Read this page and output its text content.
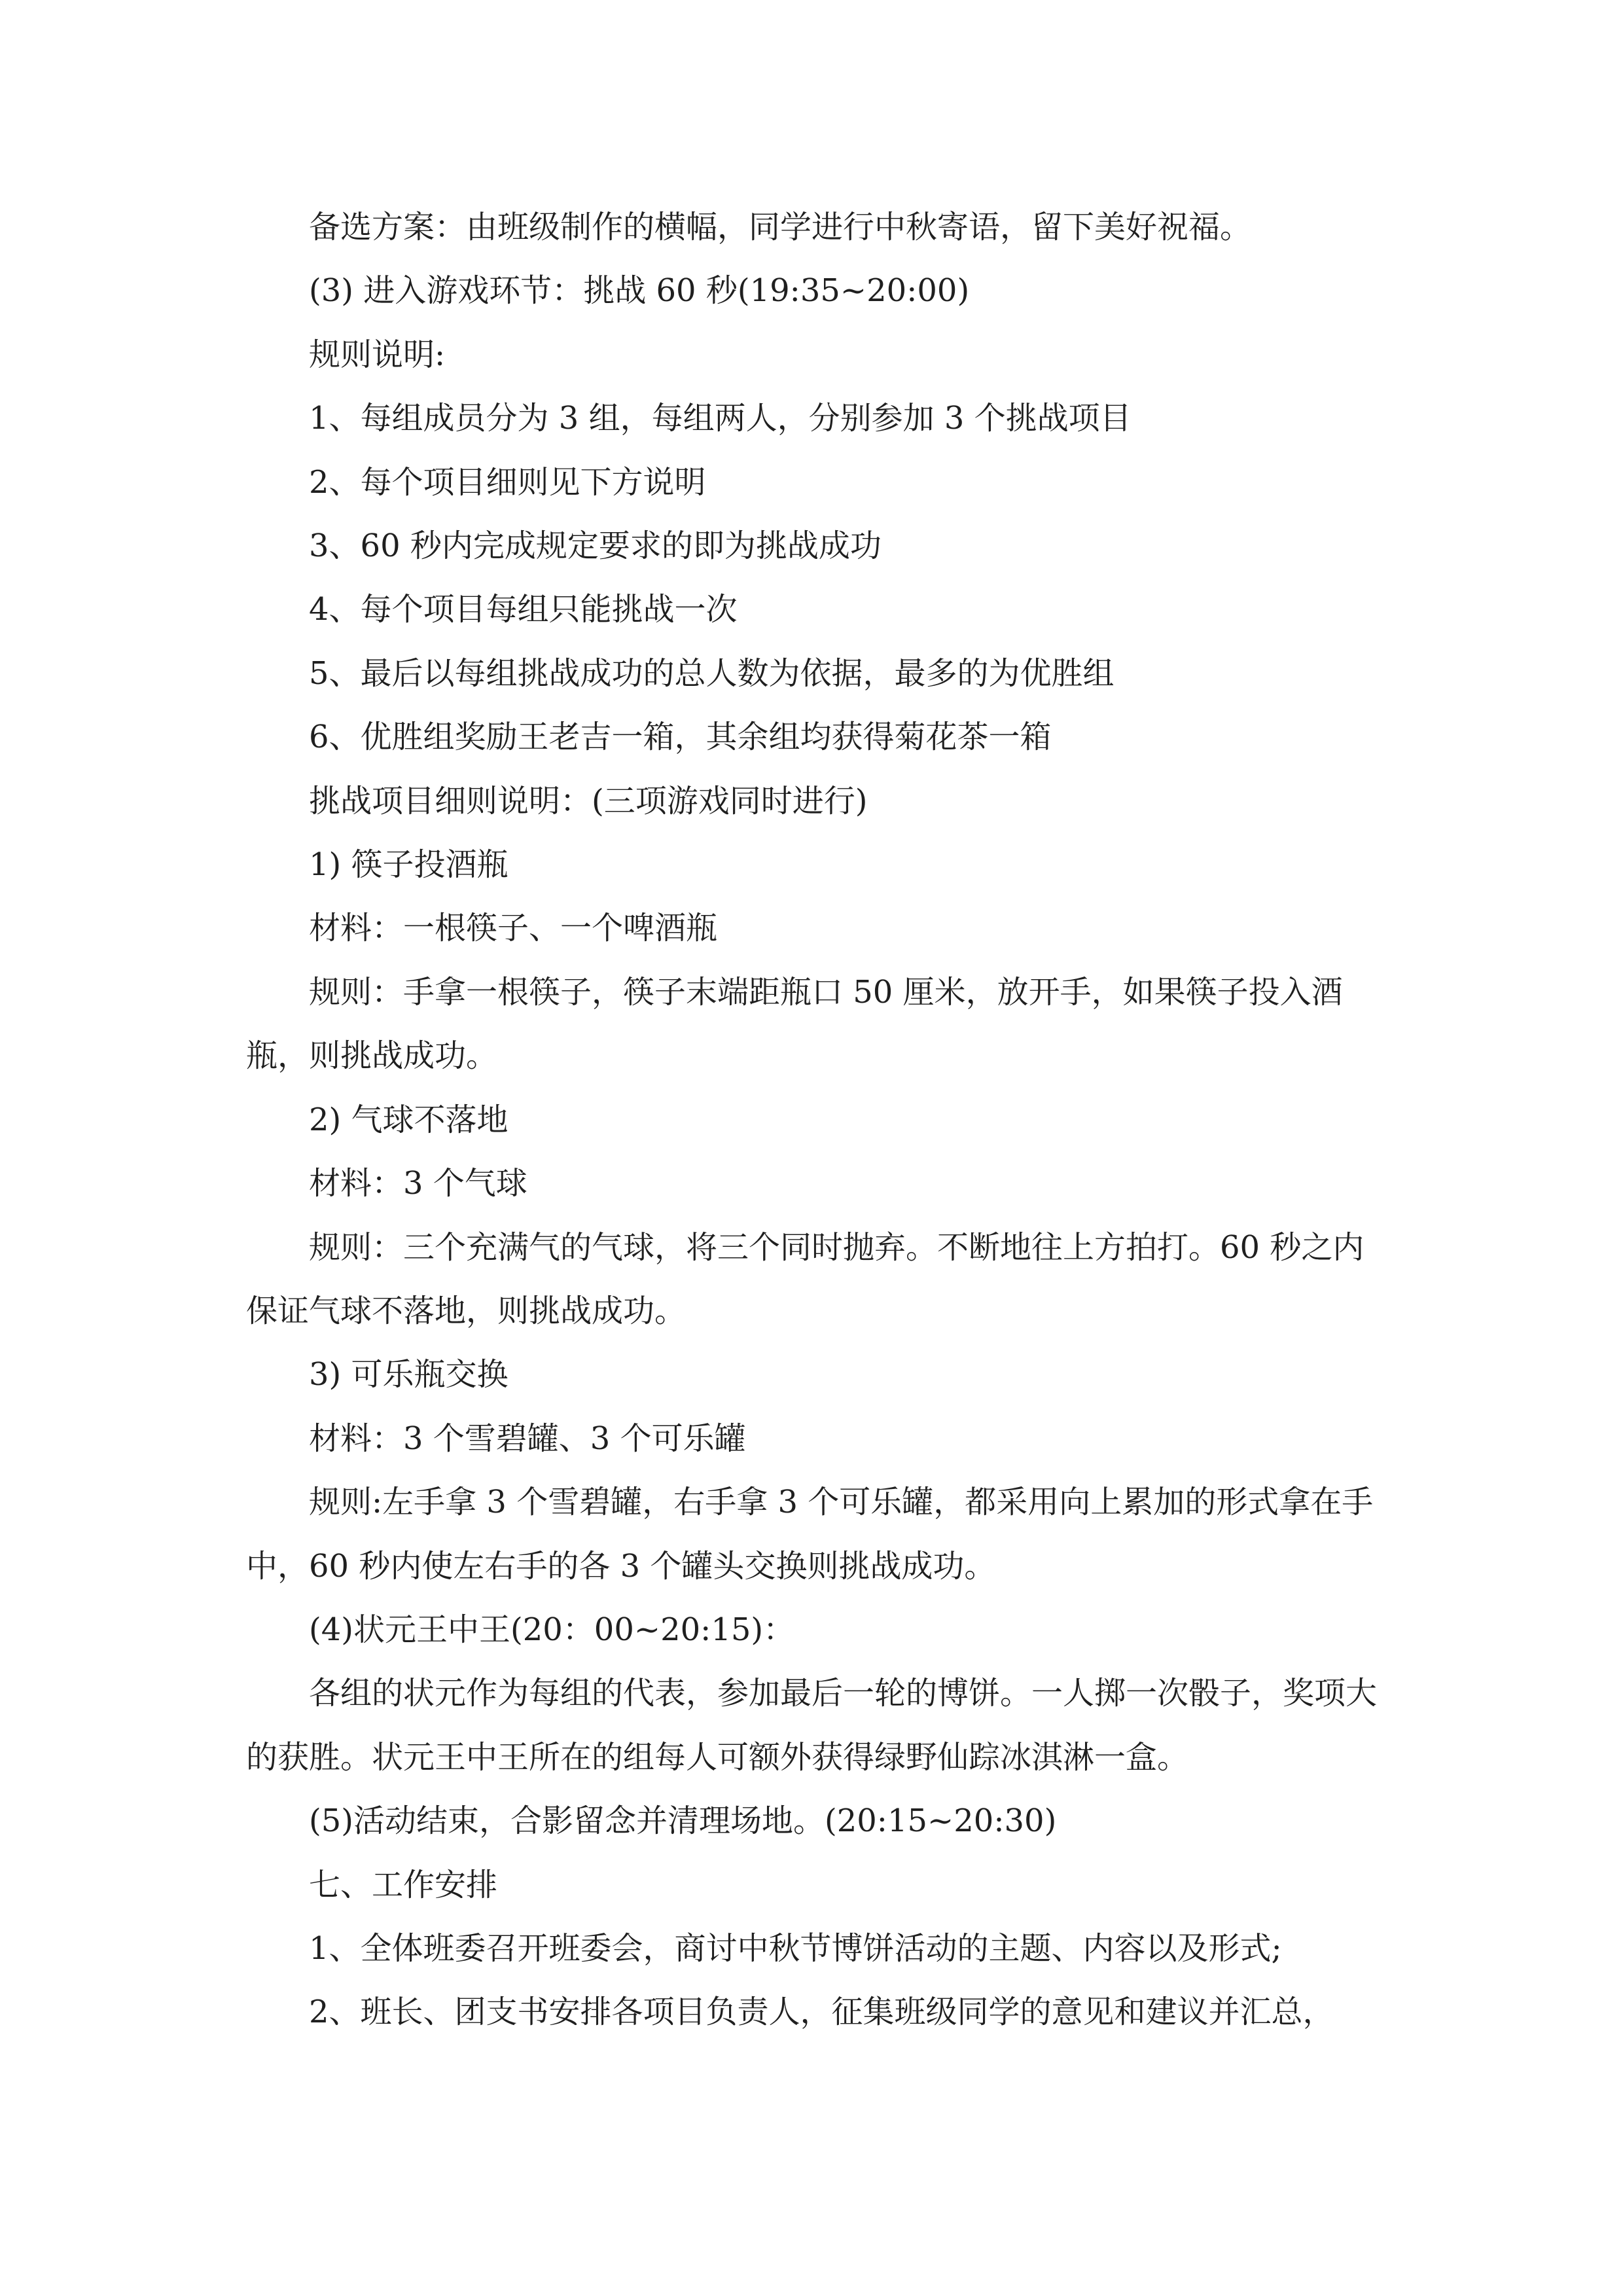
备选方案：由班级制作的横幅，同学进行中秋寄语，留下美好祝福。

(3) 进入游戏环节：挑战 60 秒(19:35~20:00)

规则说明:

1、每组成员分为 3 组，每组两人，分别参加 3 个挑战项目

2、每个项目细则见下方说明

3、60 秒内完成规定要求的即为挑战成功

4、每个项目每组只能挑战一次

5、最后以每组挑战成功的总人数为依据，最多的为优胜组

6、优胜组奖励王老吉一箱，其余组均获得菊花茶一箱

挑战项目细则说明：(三项游戏同时进行)

1) 筷子投酒瓶

材料：一根筷子、一个啤酒瓶

规则：手拿一根筷子，筷子末端距瓶口 50 厘米，放开手，如果筷子投入酒瓶，则挑战成功。

2) 气球不落地

材料：3 个气球

规则：三个充满气的气球，将三个同时抛弃。不断地往上方拍打。60 秒之内保证气球不落地，则挑战成功。

3) 可乐瓶交换

材料：3 个雪碧罐、3 个可乐罐

规则:左手拿 3 个雪碧罐，右手拿 3 个可乐罐，都采用向上累加的形式拿在手中，60 秒内使左右手的各 3 个罐头交换则挑战成功。

(4)状元王中王(20：00~20:15)：

各组的状元作为每组的代表，参加最后一轮的博饼。一人掷一次骰子，奖项大的获胜。状元王中王所在的组每人可额外获得绿野仙踪冰淇淋一盒。

(5)活动结束，合影留念并清理场地。(20:15~20:30)

七、工作安排

1、全体班委召开班委会，商讨中秋节博饼活动的主题、内容以及形式;

2、班长、团支书安排各项目负责人，征集班级同学的意见和建议并汇总，
